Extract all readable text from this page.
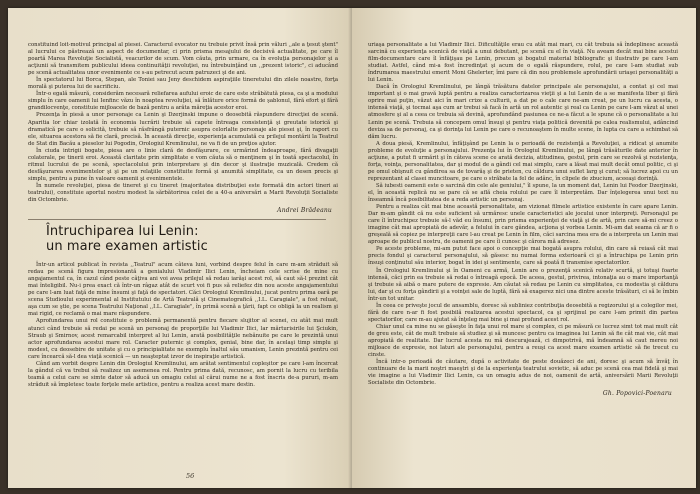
constituind loit-motivul principal al piesei. Caracterul evocator nu trebuie privit însă prin văluri ,,ale a ţesut ştent" al lucrului ce păstrează un aspect de documentar, ci prin prisma mesajului de decisivă actualitate, pe care îl poartă Marea Revoluţie Socialistă, veacurilor de scum. Vom căuta, prin urmare, ca în evoluţia personajelor şi a acţiunii să transmitem publicului ideea continuităţii revoluţiei, nu întrebuinţând un ,,prezent istoric", ci aducând pe scenă actualitatea unor evenimente ce s-au petrecut acum patruzeci şi de ani.

În spectatorul lui Borca, Stepan, ale Toniei sau Jeny deschidem aspiraţiile tineretului din zilele noastre, forţa morală şi puterea lui de sacrificiu.

Într-o egală măsură, considerăm necesară reliefarea aufului eroic de care este străbătută piesa, ca şi a modului simplu în care oamenii lui Ienfinc văzu în noaptea revoluţiei, să înlăture orice formă de şablonul, fără efort şi fără grandilocvenţe, constituie mijloacele de bază pentru a arăta măreţia acestor eroi.

Prezenţa în piesă a unor personaje ca Lenin şi Dzerjinski impune o deosebită răspundere direcţiei de scenă. Aparitia lor chiar izolată în economia lucrării trebuie să capete întreaga consistenţă şi greutate istorică şi dramatică pe care o solicită, trebuie să răsfrângă puternic asupra celorlalte personaje ale piesei şi, în raport cu ele, situarea acestora să fie clară, precisă. În această direcţie, experienţa acumulată cu prilejul montării la Teatrul de Stat din Bacău a pieselor lui Pogodin, Orologiul Kremlinului, ne va fi de un preţios ajutor.

În ciuda intrigii bogate, piesa are o linie clară de desfăşurare, ce urmărind îndeaproape, fără divagaţii colaterale, pe tinerii eroi. Această claritate prin simplitate e vom căuta să o menţinem şi în toată spectacolul, în ritmul lucrului de pe scenă, spectacolului prin interpretare şi din decor şi ilustraţie muzicală. Credem că desfăşurarea evenimentelor şi şi pe un relaţiile constituite formă şi anumită simplitate, ca un desen precis şi simplu, pentru a pune în valoare oamenii şi evenimentele.

În numele revoluţiei, piesa de tineret şi cu tineret (majoritatea distribuţiei este formată din actori tineri ai teatrului), constituie aportul nostru modest la sărbătorirea celei de a 40-a aniversări a Marii Revoluţii Socialiste din Octombrie.

Andrei Brădeanu
Întruchiparea lui Lenin:
un mare examen artistic

Într-un articol publicat în revista ,,Teatrul" acum câteva luni, vorbind despre felul în care m-am străduit să redau pe scenă figura impresionantă a genialului Vladimir Ilici Lenin, încheiam cele scrise de mine cu angajamentul ca, în cazul când peste câţiva ani voi avea prilejul să redau iarăşi acest rol, să caut să-l prezint cât mai înteligibil. Nu-i prea exact că într-un râgaz atât de scurt voi fi pus să reliefez din nou aceste angajamentului pe care l-am luat faţă de mine însumi şi faţă de spectatori. Căci Orologiul Kremlinului, jucat pentru prima oară pe scena Studioului experimental al Institutului de Artă Teatrală şi Cinematografică ,,I.L. Caragiale", a fost reluat, aşa cum se ştie, pe scena Teatrului Naţional ,,I.L. Caragiale", în primă scenă a ţării, fapt ce obligă la un realism şi mai rigid, ce reclamă o mai mare răspundere.

Aprofundarea unui rol constituie o problemă permanentă pentru fiecare slujitor al scenei, cu atât mai mult atunci când trebuie să redai pe scenă un personaj de proporţiile lui Vladimir Ilici, lar mărturisirile lui Şciukin, Straub şi Smirnov, acest remarcabil interpret al lui Lenin, arată posibilităţile nebănuite pe care le prezintă unui actor aprofundarea acestui mare rol. Caracter puternic şi complex, genial, bine dar, în acelaşi timp simplu şi modest, cu deosebire de unitate şi cu o principialitate ne exemplu înaltul său umanism, Lenin prezintă pentru cei care încearcă să-l dea viaţă scenică — un neaşteptat izvor de inspiraţie artistică.

Când am vorbit despre Lenin din Orologiul Kremlinului, am arătat sentimentul copleşitor pe care l-am încercat la gândul că va trebui să realizez un asemenea rol. Pentru prima dată, recunosc, am pornit la lucru cu teribila teamă a celui care se simte dator să aducă un omagiu celui al cărui nume ne a fost înscris de-a pururi, m-am străduit să împletesc toate forţele mele artistice, pentru a realiza acest mare destin.

56

uriaşa personalitate a lui Vladimir Ilici. Dificultăţile erau cu atât mai mari, cu cât trebuia să îndeplinesc această sarcină cu experienţa scenică de viaţă a unui debutant, pe scenă cu el în viaţă. Nu aveam decât mai bine acestui film-documentare care îl înfăţişau pe Lenin, precum şi bogatul material bibliografic şi ilustrativ pe care l-am studiat. Astfel, când mi-a fost încredinţat şi acum de o egală răspundere, rolul, pe care l-am studiat sub îndrumarea maestrului emerit Moni Ghelerter, îmi pare că din nou problemele aprofundării uriaşei personalităţi a lui Lenin.

Dacă în Orologiul Kremlinului, pe lângă trăsătura datelor principale ale personajului, a contat şi cel mai important şi o mai gravă luptă pentru a realiza caracterizarea vieţii şi a lui Lenin de a se manifesta liber şi fără oprire mai puţin, văzut aici în mari crize a culturii, a dat pe o cale care ne-am creat, pe un lucru ca acesta, o intensă viaţă, şi tocmai aşa cum ar trebui să facă în artă un rol autentic şi real ca Lenin pe care l-am văzut al unei atmosfere şi al a ceea ce trebuia să devină, aprofundând pasiunea ce ne-a făcut a le spune că o personalitate a lui Lenin pe scenă. Trebuia să concepem omul însuşi şi pentru viaţa politică devenită pe calea realismului, adâncind deviza sa de personaj, ca şi dorinţa lui Lenin pe care o recunoaştem în multe scene, în lupta cu care a schimbat să dăm lucru.

A doua piesă, Kremlinului, înfăţişând pe Lenin la o perioadă de rezistenţă a Revoluţiei, a ridicat şi anumite probleme de evoluţie a personajului. Prezenţa lui în Orologiul Kremlinului, pe lângă trăsăturile date anterior în acţiune, a putut fi urmărit şi în câteva scene ce arată decizia, atitudinea, gestul, prin care se rezolvă şi rezistenţa, forţa, voinţa, personalitatea, dar şi modul de a gândi cel mai simplu, care a lăsat mai mult decât omul politic, ci şi pe omul obişnuit cu gândirea sa de tovarăş şi de prieten, cu căldura unui suflet larg şi curat; să lucrez apoi cu un reprezentant al clasei muncitoare, pe care o străbate la fel de adânc, în clipele de zbucium, aceeaşi dorinţă.

Să iubesti oamenii este o sarcină din cele ale geniului," îl spune, la un moment dat, Lenin lui Feodor Dzerjinski, el, în această replică nu se pare că se află cheia rolului pe care îl interpretăm. Dar înţelegerea unui text nu înseamnă încă posibilitatea de a reda artistic un personaj.

Pentru a realiza cât mai bine această personalitate, am vizionat filmele artistice existente în care apare Lenin. Dar m-am gândit că nu este suficient să urmăresc unele caracteristici ale jocului unor interpreţi. Personajul pe care îl întruchipez trebuie să-l văd eu însumi, prin prisma experienţei de viaţă şi de artă, prin care să-mi creez o imagine cât mai apropiată de adevăr, a felului în care gândea, acţiona şi vorbea Lenin. Mi-am dat seama că ar fi o greşeală să copiez pe interpreţii care l-au creat pe Lenin în film, căci sarcina mea era de a interpreta un Lenin mai aproape de publicul nostru, de oamenii pe care îi cunosc şi cărora mă adresez.

Pe aceste probleme, mi-am putut face apoi o concepţie mai bogată asupra rolului, din care să reiasă cât mai precis fondul şi caracterul personajului, să găsesc nu numai forma exterioară ci şi a întruchipa pe Lenin prin însuşi conţinutul său interior, bogat în idei şi sentimente, care să poată fi transmise spectatorilor.

În Orologiul Kremlinului şi în Oameni cu armă, Lenin are o prezenţă scenică relativ scurtă, şi totuşi foarte intensă, căci prin ea trebuie să redai o întreagă epocă. De aceea, gestul, privirea, intonaţia au o mare importanţă şi trebuie să aibă o mare putere de expresie. Am căutat să redau pe Lenin cu simplitatea, cu modestia şi căldura lui, dar şi cu forţa gândirii şi a voinţei sale de luptă, fără să exagerez nici una dintre aceste trăsături, ci să le îmbin într-un tot unitar.

În ceea ce priveşte jocul de ansamblu, doresc să subliniez contribuţia deosebită a regizorului şi a colegilor mei, fără de care n-ar fi fost posibilă realizarea acestui spectacol, ca şi sprijinul pe care l-am primit din partea spectatorilor, care m-au ajutat să înţeleg mai bine şi mai profund acest rol.

Chiar unul ca mine nu se găseşte în faţa unui rol mare și complex, ci pe măsură ce lucrez simt tot mai mult cât de greu este, cât de mult trebuie să studiez şi să muncesc pentru ca imaginea lui Lenin să fie cât mai vie, cât mai apropiată de realitate. Dar lucrul acesta nu mă descurajează, ci dimpotrivă, mă îndeamnă să caut mereu noi mijloace de expresie, noi laturi ale personajului, pentru a reuşi ca acest mare examen artistic să fie trecut cu cinste.

Încă intr-o perioadă de căutare, după o activitate de peste douăzeci de ani, doresc şi acum să învăţ în continuare de la marii noştri maeştri şi de la experienţa teatrului sovietic, să aduc pe scenă cea mai fidelă şi mai vie imagine a lui Vladimir Ilici Lenin, ca un omagiu adus de noi, oamenii de artă, aniversării Marii Revoluţii Socialiste din Octombrie.

Gh. Popovici-Poenaru
